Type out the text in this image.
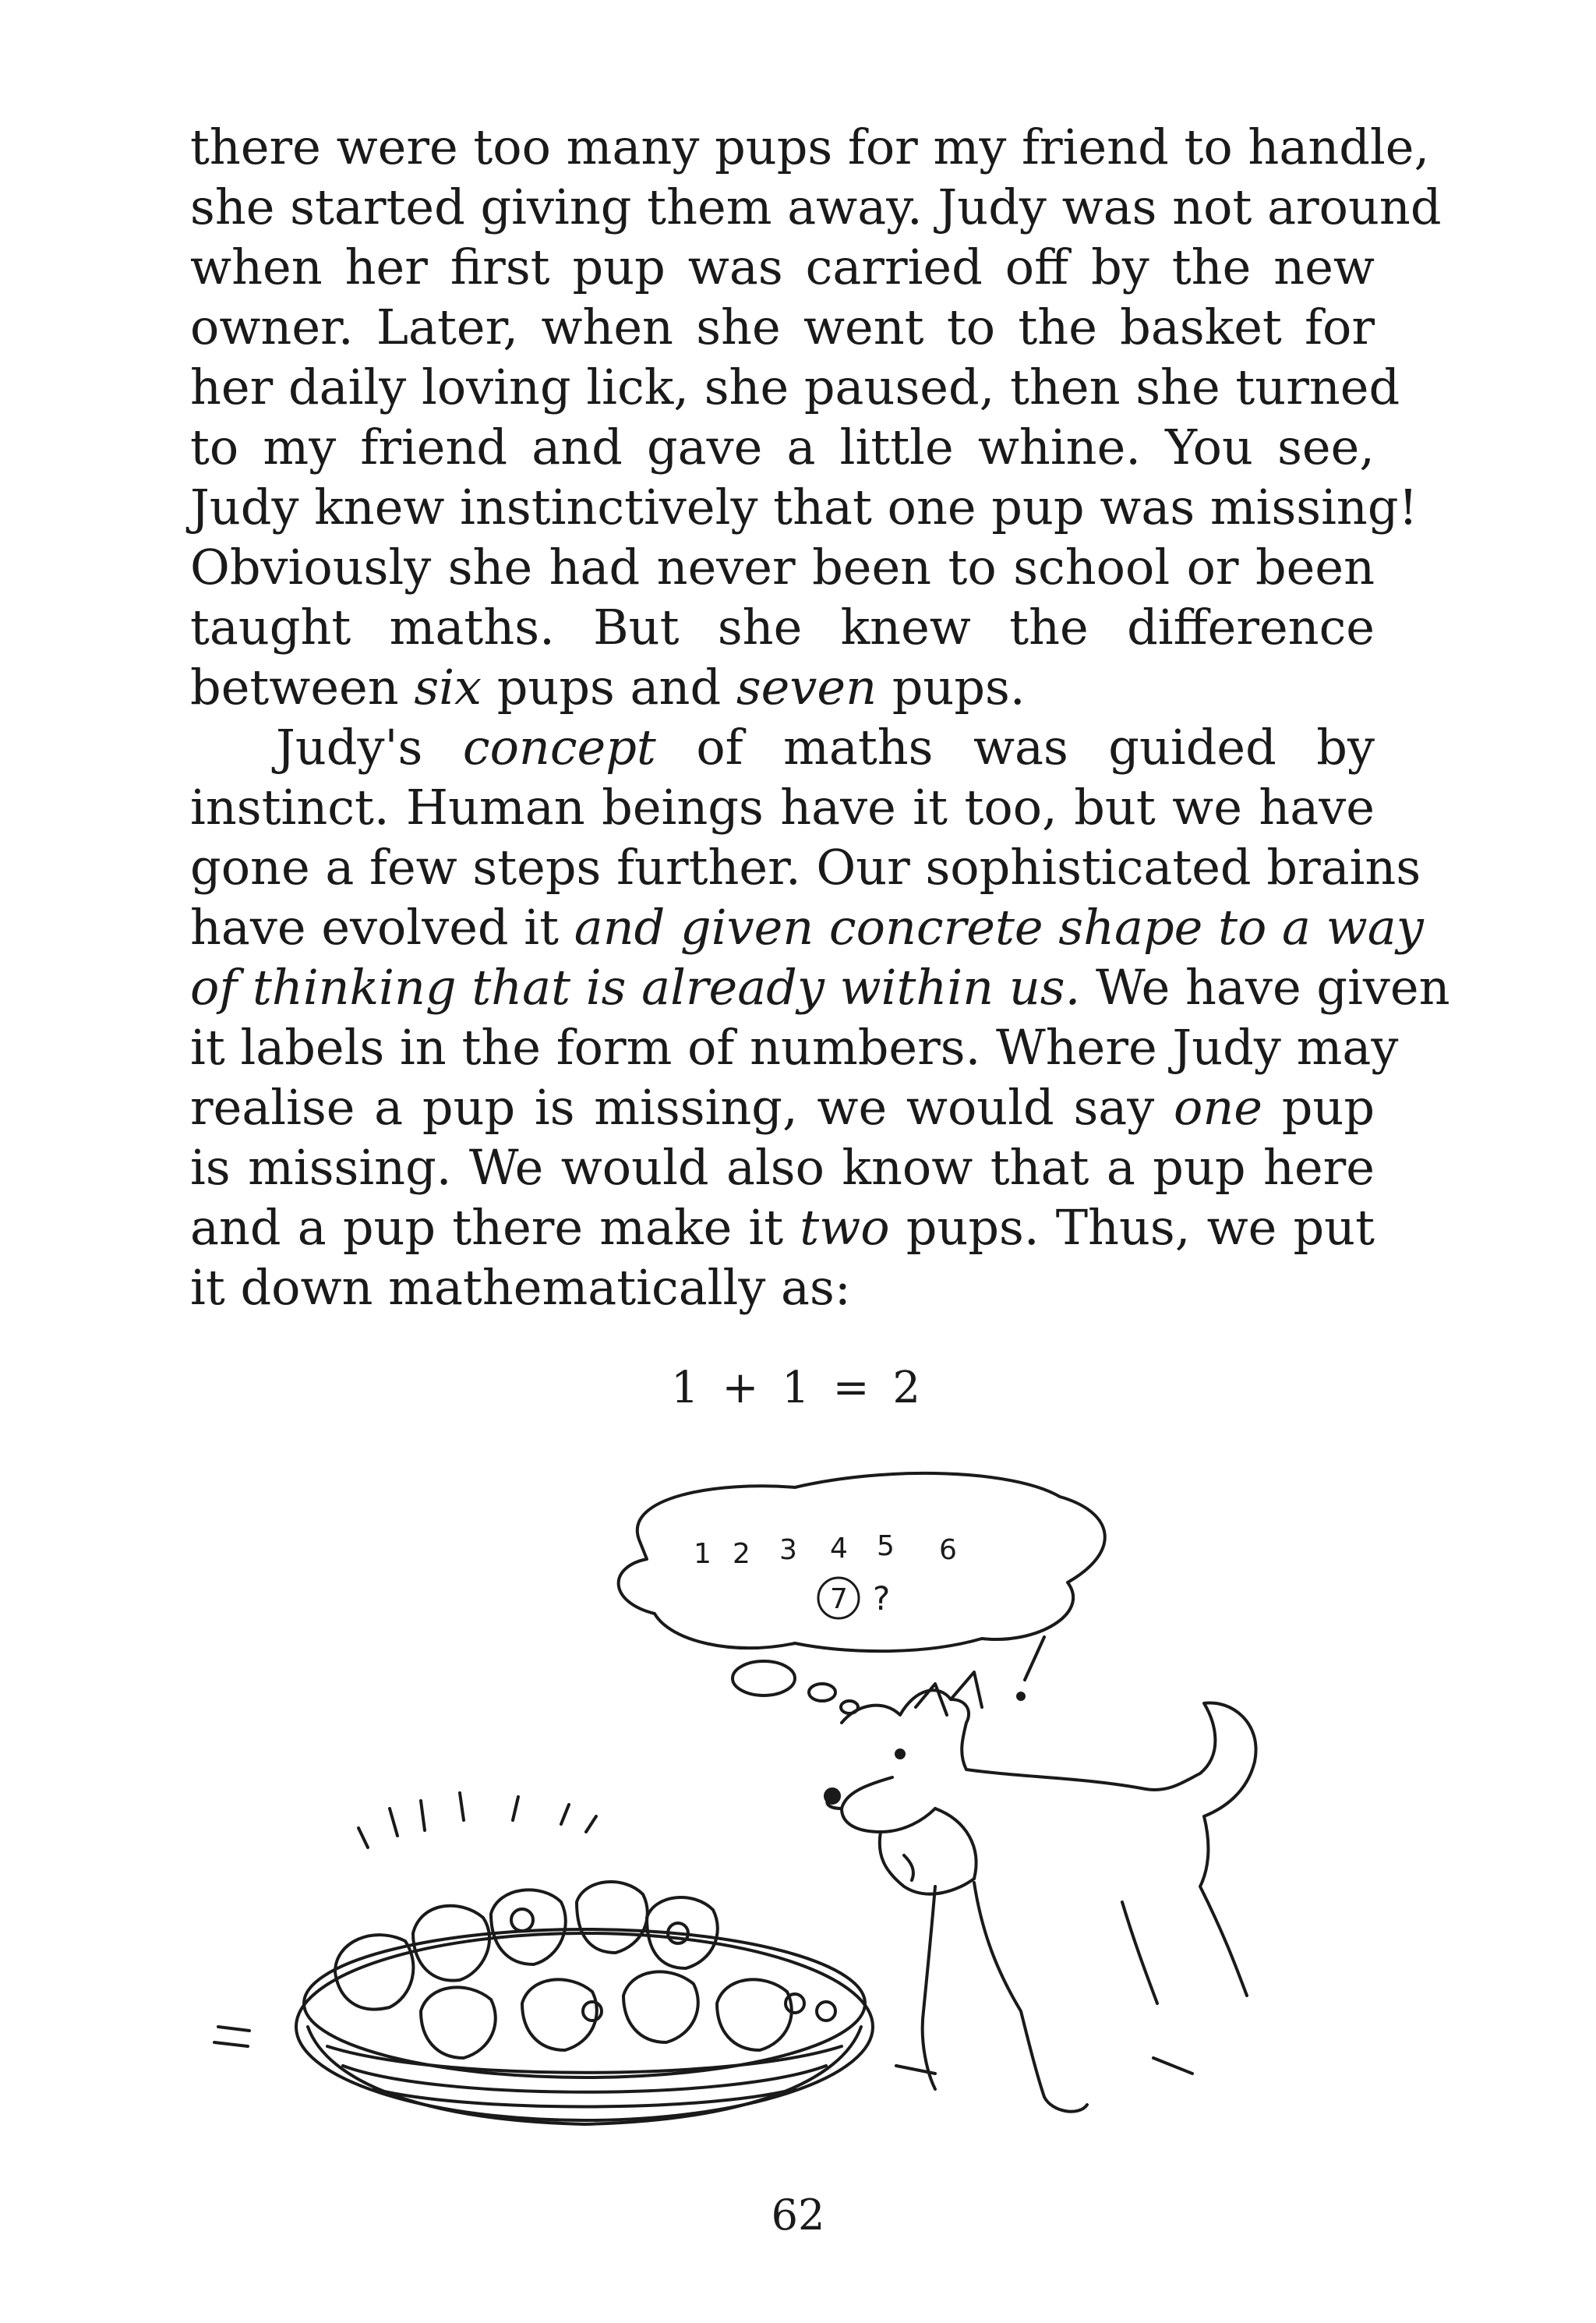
there were too many pups for my friend to handle,
she started giving them away. Judy was not around
when her first pup was carried off by the new
owner. Later, when she went to the basket for
her daily loving lick, she paused, then she turned
to my friend and gave a little whine. You see,
Judy knew instinctively that one pup was missing!
Obviously she had never been to school or been
taught maths. But she knew the difference
between six pups and seven pups.

Judy's concept of maths was guided by
instinct. Human beings have it too, but we have
gone a few steps further. Our sophisticated brains
have evolved it and given concrete shape to a way
of thinking that is already within us. We have given
it labels in the form of numbers. Where Judy may
realise a pup is missing, we would say one pup
is missing. We would also know that a pup here
and a pup there make it two pups. Thus, we put
it down mathematically as:

1 + 1 = 2
1 2 3 4 5 6
7 ?
62
